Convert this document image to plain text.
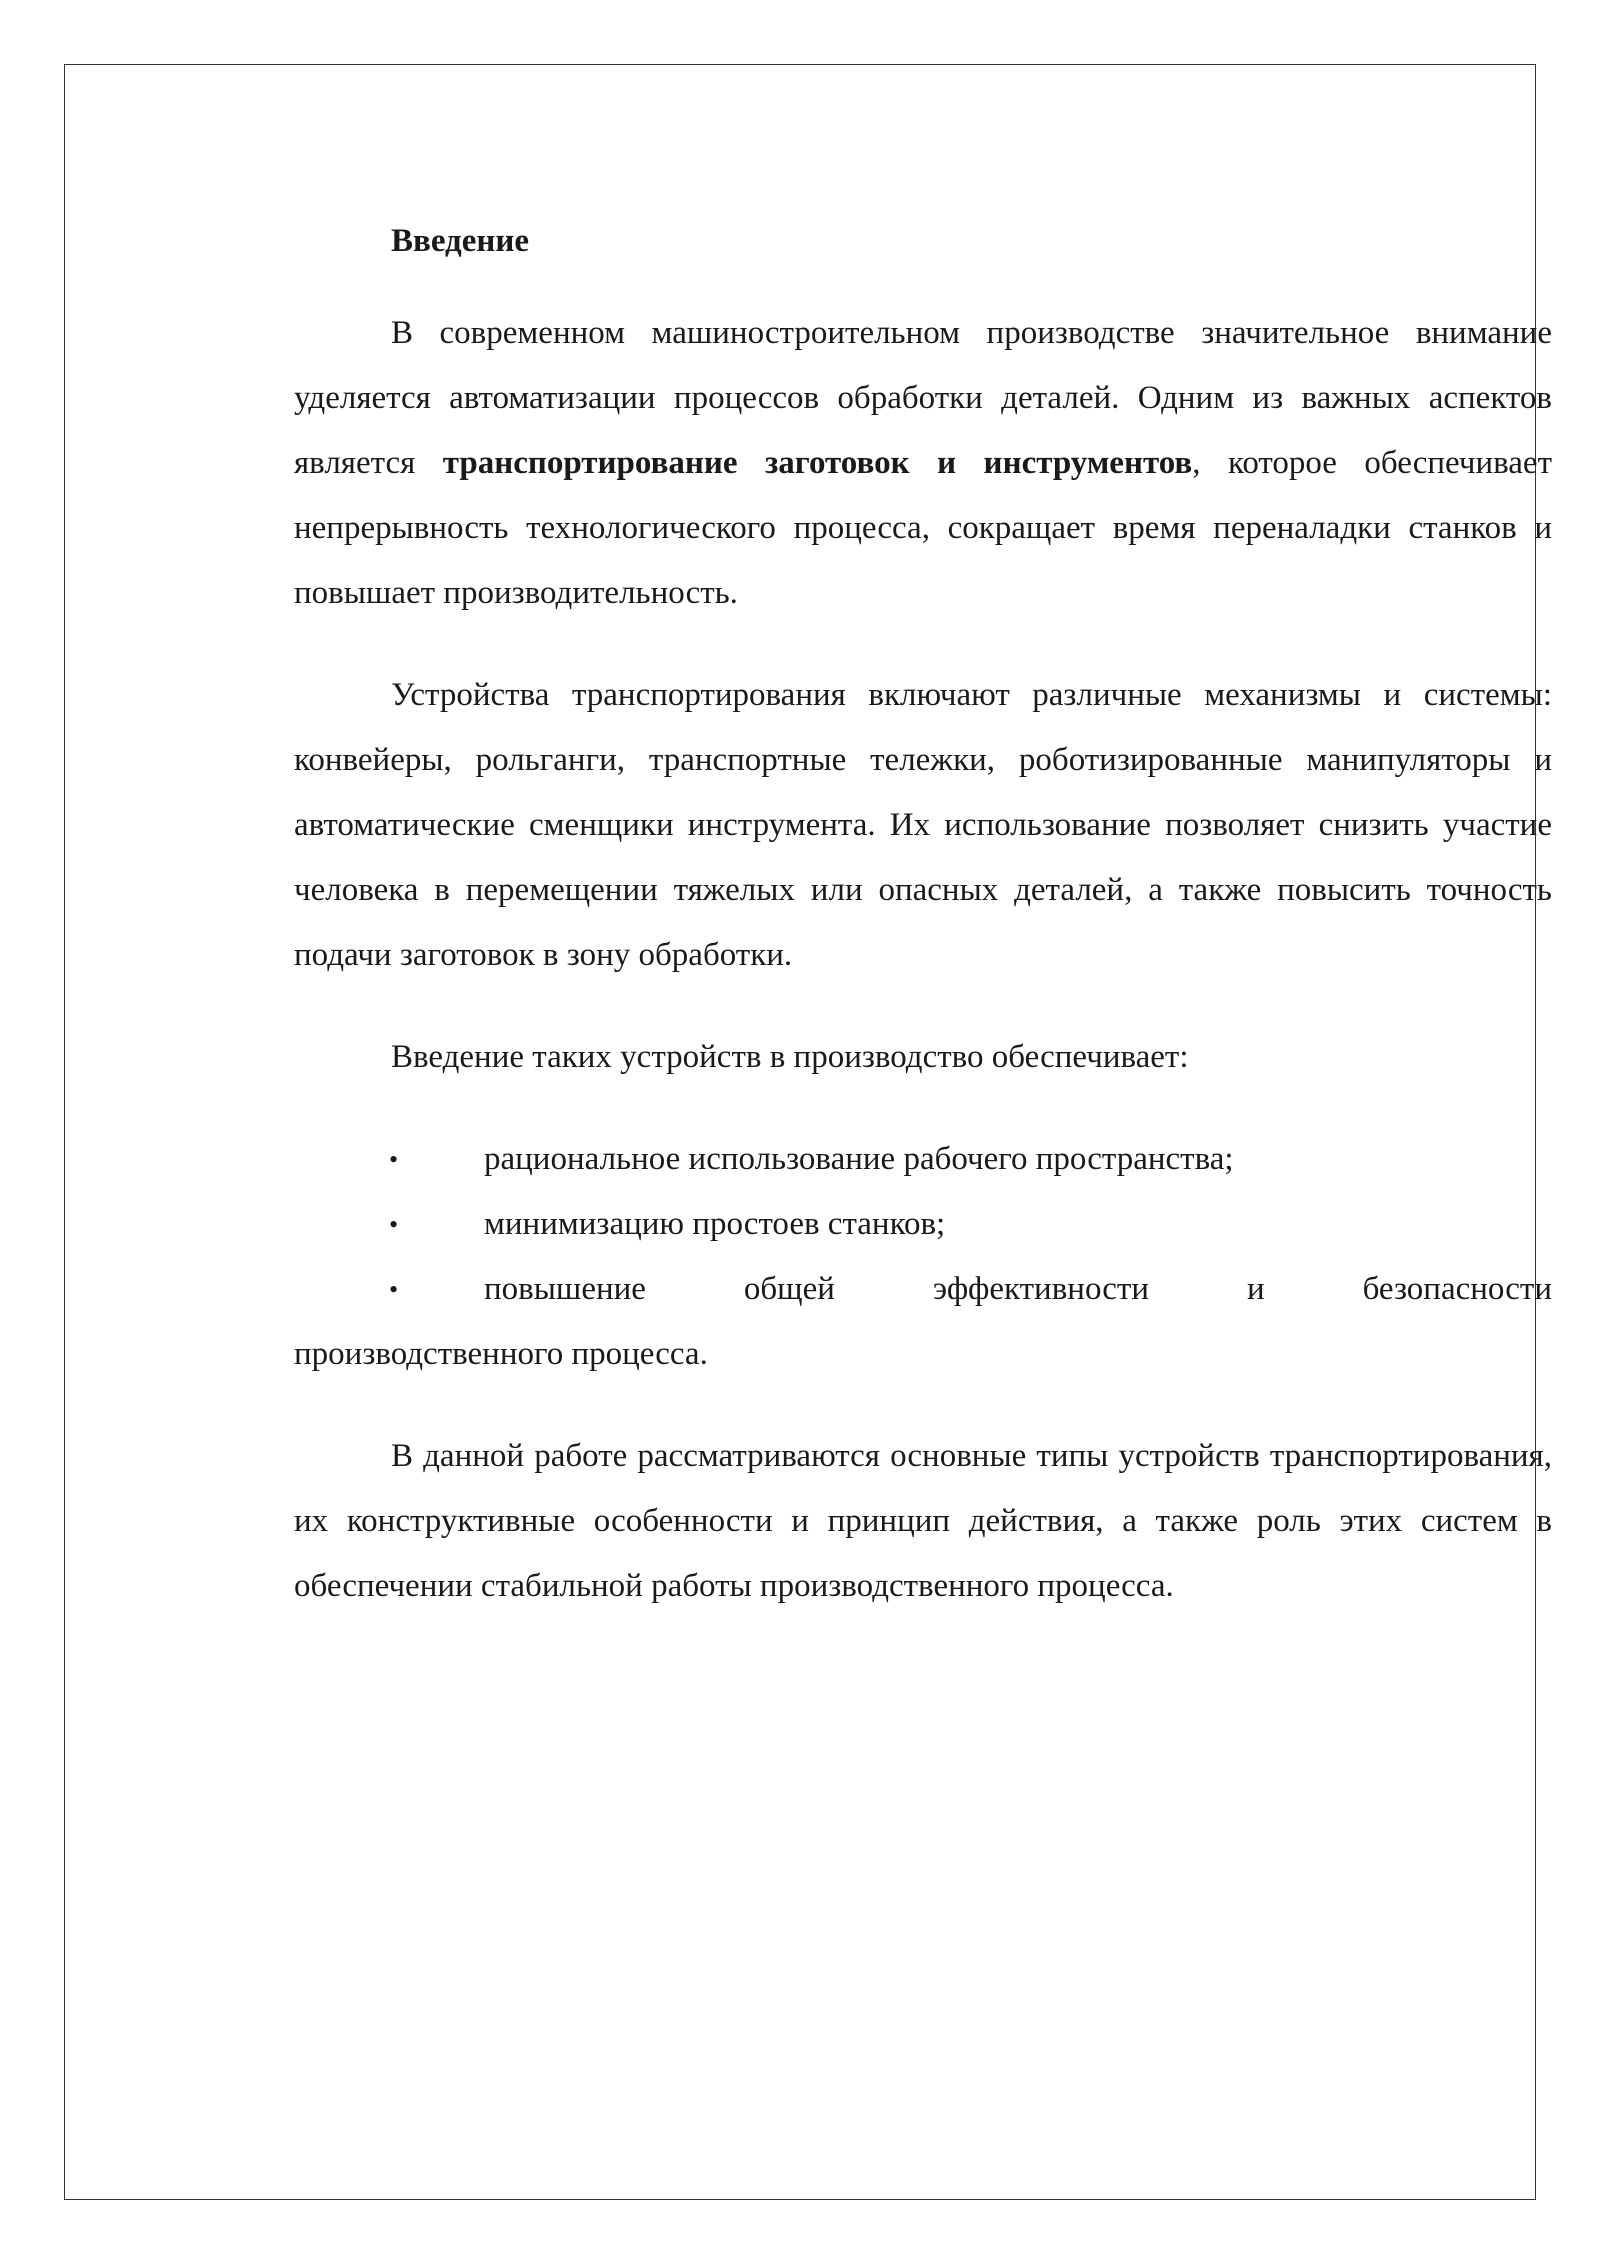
Введение

В современном машиностроительном производстве значительное внимание уделяется автоматизации процессов обработки деталей. Одним из важных аспектов является транспортирование заготовок и инструментов, которое обеспечивает непрерывность технологического процесса, сокращает время переналадки станков и повышает производительность.

Устройства транспортирования включают различные механизмы и системы: конвейеры, рольганги, транспортные тележки, роботизированные манипуляторы и автоматические сменщики инструмента. Их использование позволяет снизить участие человека в перемещении тяжелых или опасных деталей, а также повысить точность подачи заготовок в зону обработки.

Введение таких устройств в производство обеспечивает:

•	рациональное использование рабочего пространства;
•	минимизацию простоев станков;
•	повышение	общей	эффективности	и	безопасности
производственного процесса.

В данной работе рассматриваются основные типы устройств транспортирования, их конструктивные особенности и принцип действия, а также роль этих систем в обеспечении стабильной работы производственного процесса.
